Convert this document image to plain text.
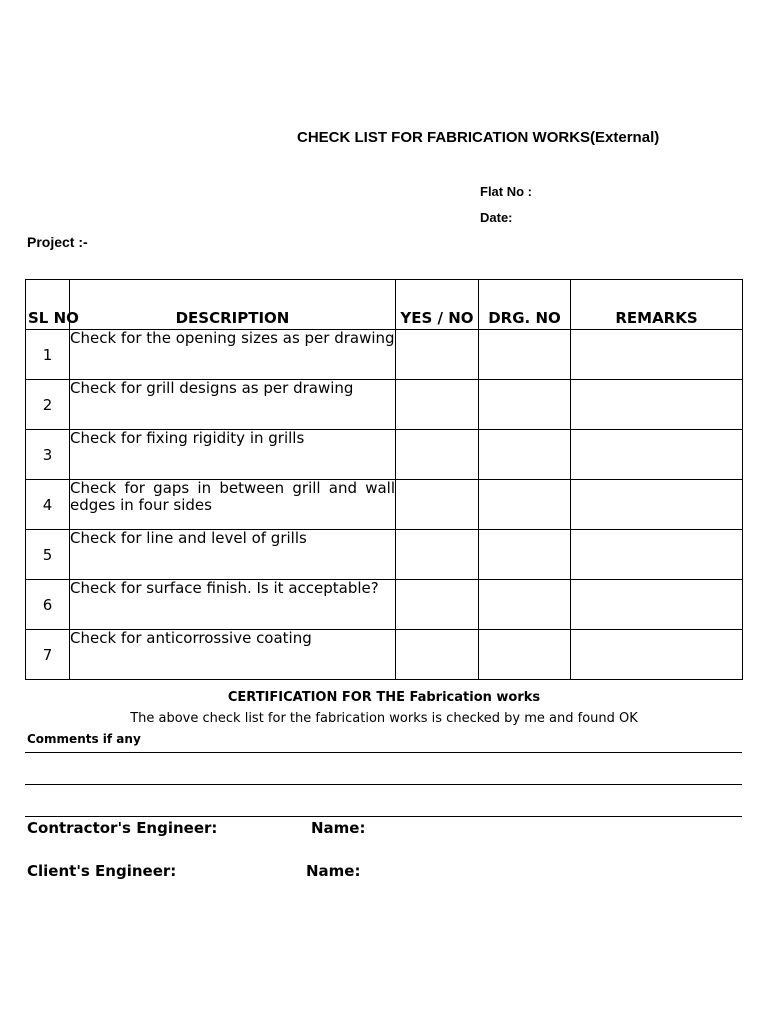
CHECK LIST FOR FABRICATION WORKS(External)
Flat No :
Date:
Project :-
SL NO	DESCRIPTION	YES / NO	DRG. NO	REMARKS
1	Check for the opening sizes as per drawing			
2	Check for grill designs as per drawing			
3	Check for fixing rigidity in grills			
4	Check for gaps in between grill and wall edges in four sides			
5	Check for line and level of grills			
6	Check for surface finish. Is it acceptable?			
7	Check for anticorrossive coating			
CERTIFICATION FOR THE Fabrication works
The above check list for the fabrication works is checked by me and found OK
Comments if any
Contractor's Engineer:	Name:
Client's Engineer:	Name:
